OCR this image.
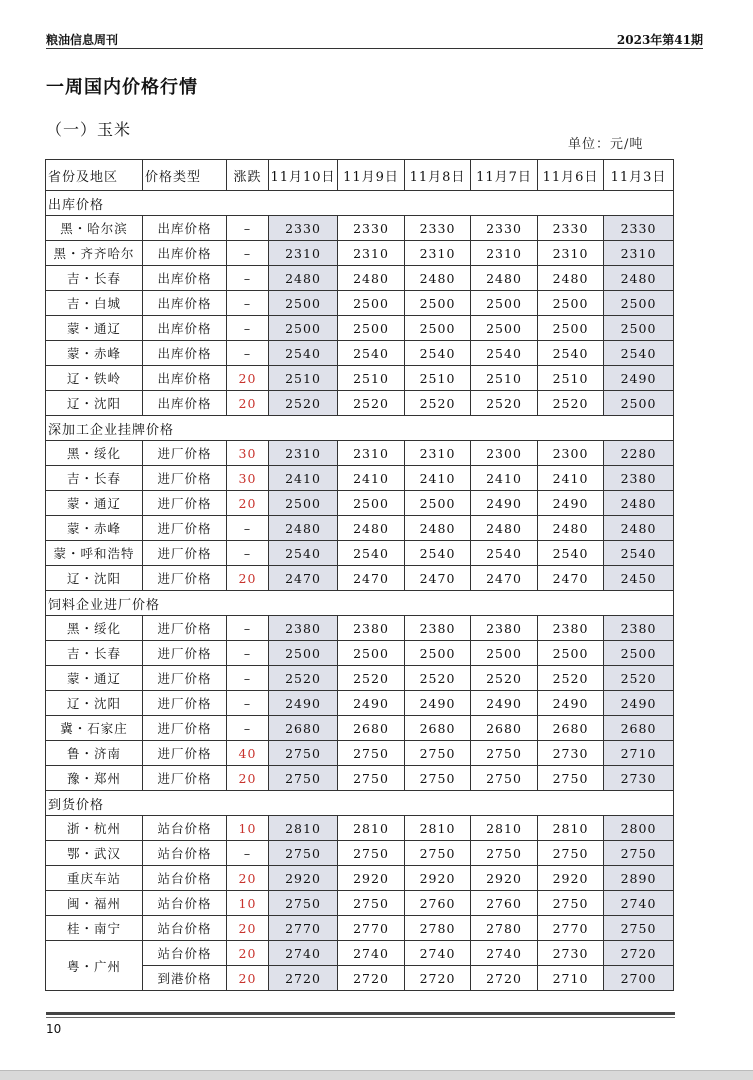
粮油信息周刊	2023年第41期
一周国内价格行情
（一）玉米
单位：元/吨
省份及地区	价格类型	涨跌	11月10日	11月9日	11月8日	11月7日	11月6日	11月3日
出库价格								
黑・哈尔滨	出库价格	–	2330	2330	2330	2330	2330	2330
黑・齐齐哈尔	出库价格	–	2310	2310	2310	2310	2310	2310
吉・长春	出库价格	–	2480	2480	2480	2480	2480	2480
吉・白城	出库价格	–	2500	2500	2500	2500	2500	2500
蒙・通辽	出库价格	–	2500	2500	2500	2500	2500	2500
蒙・赤峰	出库价格	–	2540	2540	2540	2540	2540	2540
辽・铁岭	出库价格	20	2510	2510	2510	2510	2510	2490
辽・沈阳	出库价格	20	2520	2520	2520	2520	2520	2500
深加工企业挂牌价格								
黑・绥化	进厂价格	30	2310	2310	2310	2300	2300	2280
吉・长春	进厂价格	30	2410	2410	2410	2410	2410	2380
蒙・通辽	进厂价格	20	2500	2500	2500	2490	2490	2480
蒙・赤峰	进厂价格	–	2480	2480	2480	2480	2480	2480
蒙・呼和浩特	进厂价格	–	2540	2540	2540	2540	2540	2540
辽・沈阳	进厂价格	20	2470	2470	2470	2470	2470	2450
饲料企业进厂价格								
黑・绥化	进厂价格	–	2380	2380	2380	2380	2380	2380
吉・长春	进厂价格	–	2500	2500	2500	2500	2500	2500
蒙・通辽	进厂价格	–	2520	2520	2520	2520	2520	2520
辽・沈阳	进厂价格	–	2490	2490	2490	2490	2490	2490
冀・石家庄	进厂价格	–	2680	2680	2680	2680	2680	2680
鲁・济南	进厂价格	40	2750	2750	2750	2750	2730	2710
豫・郑州	进厂价格	20	2750	2750	2750	2750	2750	2730
到货价格								
浙・杭州	站台价格	10	2810	2810	2810	2810	2810	2800
鄂・武汉	站台价格	–	2750	2750	2750	2750	2750	2750
重庆车站	站台价格	20	2920	2920	2920	2920	2920	2890
闽・福州	站台价格	10	2750	2750	2760	2760	2750	2740
桂・南宁	站台价格	20	2770	2770	2780	2780	2770	2750
粤・广州	站台价格	20	2740	2740	2740	2740	2730	2720
	到港价格	20	2720	2720	2720	2720	2710	2700
10
